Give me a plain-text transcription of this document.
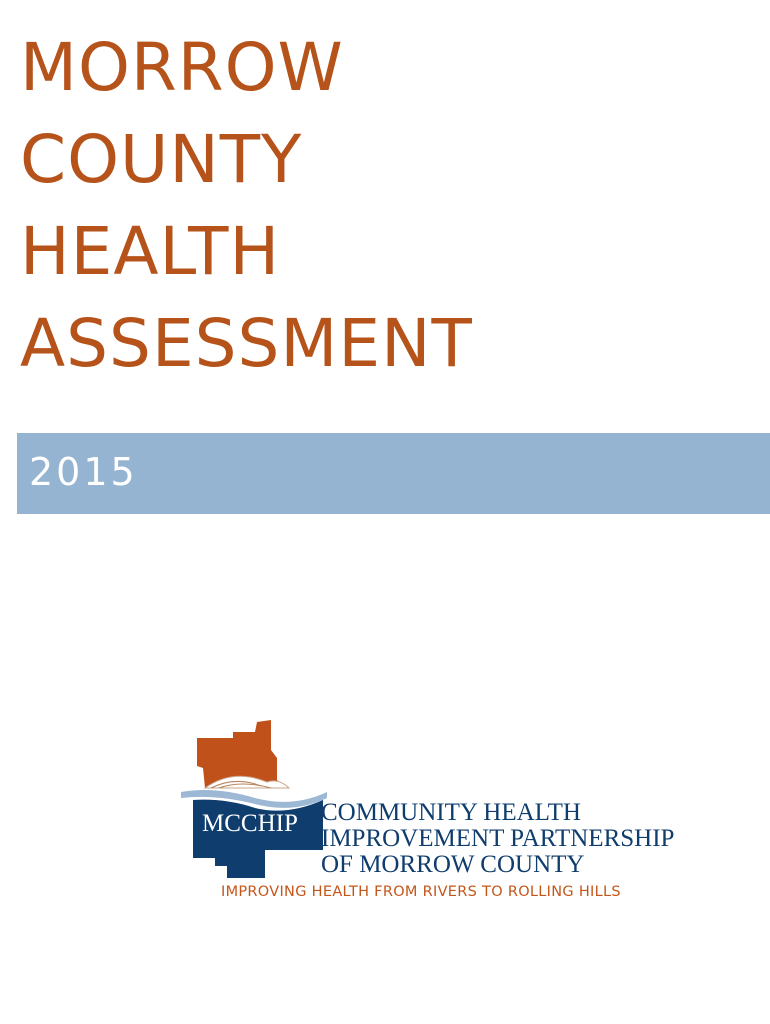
MORROW
COUNTY
HEALTH
ASSESSMENT
2015
MCCHIP COMMUNITY HEALTH
IMPROVEMENT PARTNERSHIP
OF MORROW COUNTY
IMPROVING HEALTH FROM RIVERS TO ROLLING HILLS
